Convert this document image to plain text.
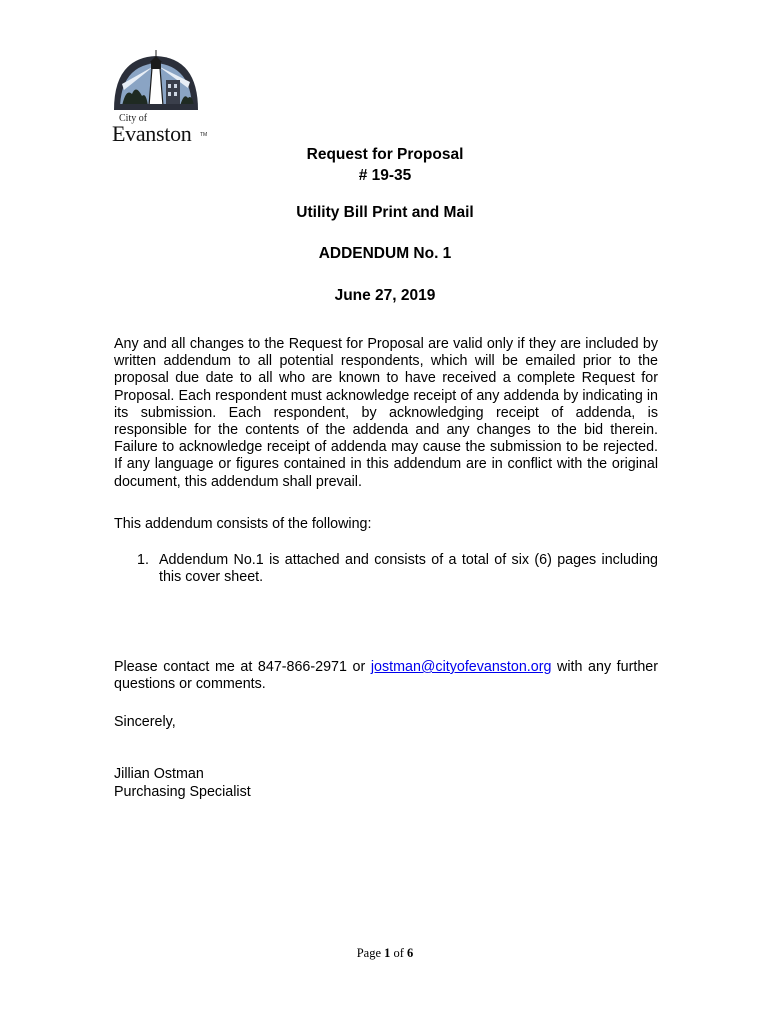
City of
Evanston TM
Request for Proposal
# 19-35
Utility Bill Print and Mail
ADDENDUM No. 1
June 27, 2019
Any and all changes to the Request for Proposal are valid only if they are included by written addendum to all potential respondents, which will be emailed prior to the proposal due date to all who are known to have received a complete Request for Proposal. Each respondent must acknowledge receipt of any addenda by indicating in its submission. Each respondent, by acknowledging receipt of addenda, is responsible for the contents of the addenda and any changes to the bid therein. Failure to acknowledge receipt of addenda may cause the submission to be rejected. If any language or figures contained in this addendum are in conflict with the original document, this addendum shall prevail.
This addendum consists of the following:
1. Addendum No.1 is attached and consists of a total of six (6) pages including this cover sheet.
Please contact me at 847-866-2971 or jostman@cityofevanston.org with any further questions or comments.
Sincerely,
Jillian Ostman
Purchasing Specialist
Page 1 of 6
